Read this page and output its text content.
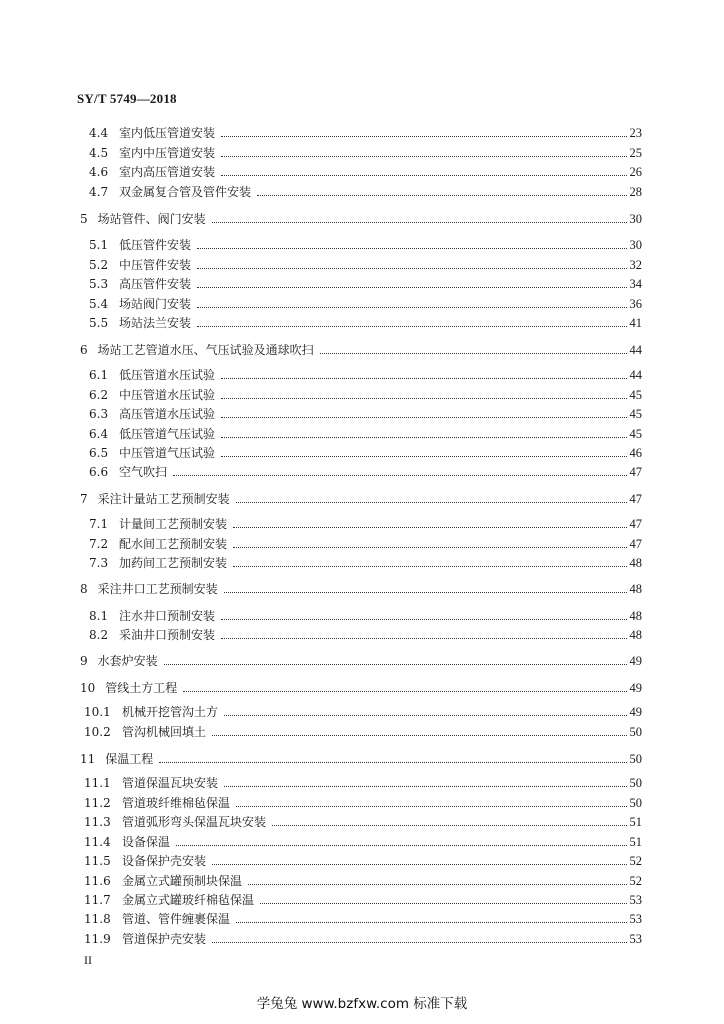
SY/T 5749—2018
4.4 室内低压管道安装	23
4.5 室内中压管道安装	25
4.6 室内高压管道安装	26
4.7 双金属复合管及管件安装	28
5 场站管件、阀门安装	30
5.1 低压管件安装	30
5.2 中压管件安装	32
5.3 高压管件安装	34
5.4 场站阀门安装	36
5.5 场站法兰安装	41
6 场站工艺管道水压、气压试验及通球吹扫	44
6.1 低压管道水压试验	44
6.2 中压管道水压试验	45
6.3 高压管道水压试验	45
6.4 低压管道气压试验	45
6.5 中压管道气压试验	46
6.6 空气吹扫	47
7 采注计量站工艺预制安装	47
7.1 计量间工艺预制安装	47
7.2 配水间工艺预制安装	47
7.3 加药间工艺预制安装	48
8 采注井口工艺预制安装	48
8.1 注水井口预制安装	48
8.2 采油井口预制安装	48
9 水套炉安装	49
10 管线土方工程	49
10.1 机械开挖管沟土方	49
10.2 管沟机械回填土	50
11 保温工程	50
11.1 管道保温瓦块安装	50
11.2 管道玻纤维棉毡保温	50
11.3 管道弧形弯头保温瓦块安装	51
11.4 设备保温	51
11.5 设备保护壳安装	52
11.6 金属立式罐预制块保温	52
11.7 金属立式罐玻纤棉毡保温	53
11.8 管道、管件缠裹保温	53
11.9 管道保护壳安装	53
II
学兔兔 www.bzfxw.com 标准下载
